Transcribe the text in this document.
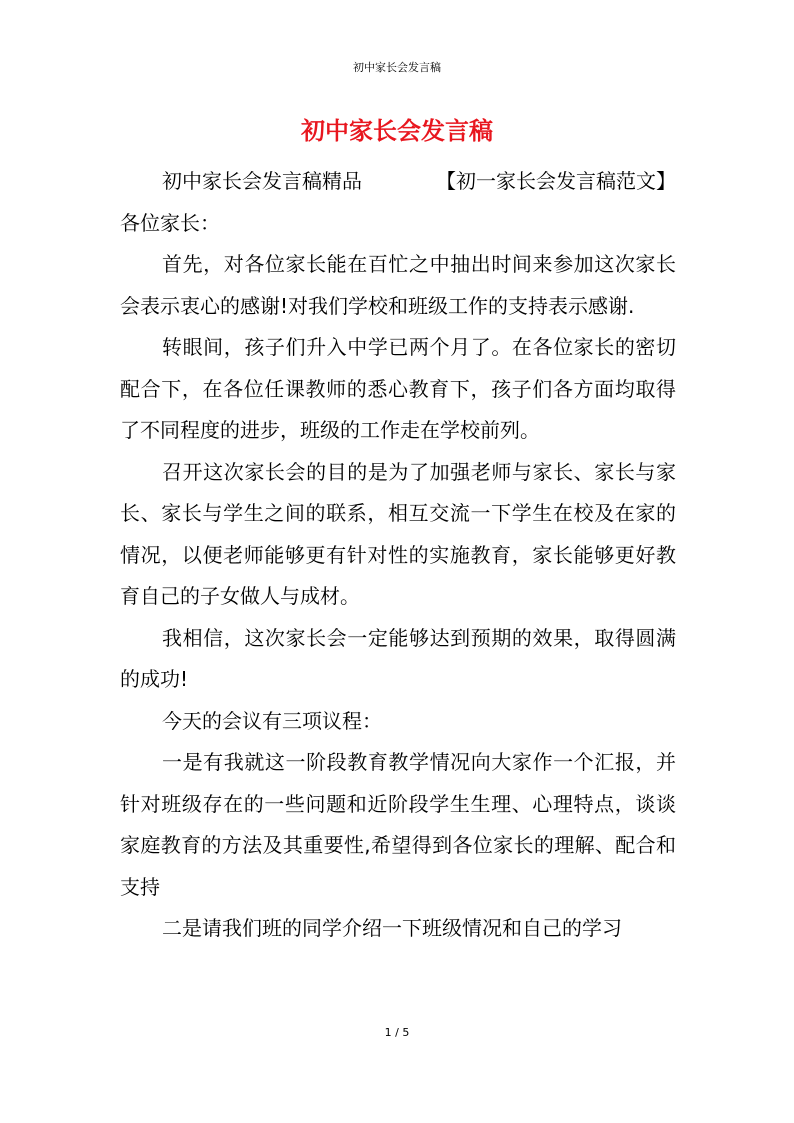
初中家长会发言稿
初中家长会发言稿
初中家长会发言稿精品	【初一家长会发言稿范文】

各位家长：

首先，对各位家长能在百忙之中抽出时间来参加这次家长会表示衷心的感谢!对我们学校和班级工作的支持表示感谢.

转眼间，孩子们升入中学已两个月了。在各位家长的密切配合下，在各位任课教师的悉心教育下，孩子们各方面均取得了不同程度的进步，班级的工作走在学校前列。

召开这次家长会的目的是为了加强老师与家长、家长与家长、家长与学生之间的联系，相互交流一下学生在校及在家的情况，以便老师能够更有针对性的实施教育，家长能够更好教育自己的子女做人与成材。

我相信，这次家长会一定能够达到预期的效果，取得圆满的成功!

今天的会议有三项议程：

一是有我就这一阶段教育教学情况向大家作一个汇报，并针对班级存在的一些问题和近阶段学生生理、心理特点，谈谈家庭教育的方法及其重要性,希望得到各位家长的理解、配合和支持

二是请我们班的同学介绍一下班级情况和自己的学习

1 / 5
